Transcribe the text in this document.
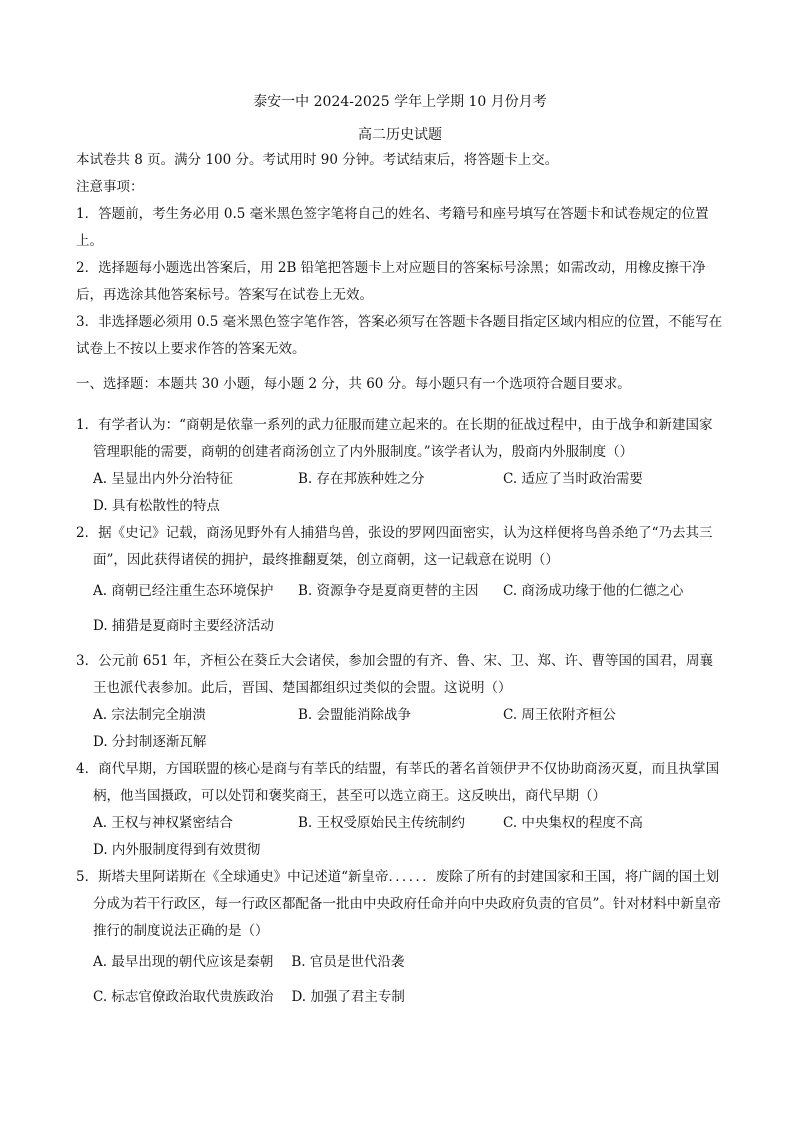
泰安一中 2024-2025 学年上学期 10 月份月考
高二历史试题

本试卷共 8 页。满分 100 分。考试用时 90 分钟。考试结束后，将答题卡上交。

注意事项：

1．答题前，考生务必用 0.5 毫米黑色签字笔将自己的姓名、考籍号和座号填写在答题卡和试卷规定的位置上。

2．选择题每小题选出答案后，用 2B 铅笔把答题卡上对应题目的答案标号涂黑；如需改动，用橡皮擦干净后，再选涂其他答案标号。答案写在试卷上无效。

3．非选择题必须用 0.5 毫米黑色签字笔作答，答案必须写在答题卡各题目指定区域内相应的位置，不能写在试卷上不按以上要求作答的答案无效。

一、选择题：本题共 30 小题，每小题 2 分，共 60 分。每小题只有一个选项符合题目要求。

1．有学者认为：“商朝是依靠一系列的武力征服而建立起来的。在长期的征战过程中，由于战争和新建国家管理职能的需要，商朝的创建者商汤创立了内外服制度。”该学者认为，殷商内外服制度（）
A. 呈显出内外分治特征	B. 存在邦族种姓之分	C. 适应了当时政治需要
D. 具有松散性的特点
2．据《史记》记载，商汤见野外有人捕猎鸟兽，张设的罗网四面密实，认为这样便将鸟兽杀绝了“乃去其三面”，因此获得诸侯的拥护，最终推翻夏桀，创立商朝，这一记载意在说明（）
A. 商朝已经注重生态环境保护	B. 资源争夺是夏商更替的主因	C. 商汤成功缘于他的仁德之心
D. 捕猎是夏商时主要经济活动
3．公元前 651 年，齐桓公在葵丘大会诸侯，参加会盟的有齐、鲁、宋、卫、郑、许、曹等国的国君，周襄王也派代表参加。此后，晋国、楚国都组织过类似的会盟。这说明（）
A. 宗法制完全崩溃	B. 会盟能消除战争	C. 周王依附齐桓公
D. 分封制逐渐瓦解
4．商代早期，方国联盟的核心是商与有莘氏的结盟，有莘氏的著名首领伊尹不仅协助商汤灭夏，而且执掌国柄，他当国摄政，可以处罚和褒奖商王，甚至可以选立商王。这反映出，商代早期（）
A. 王权与神权紧密结合	B. 王权受原始民主传统制约	C. 中央集权的程度不高
D. 内外服制度得到有效贯彻
5．斯塔夫里阿诺斯在《全球通史》中记述道“新皇帝．．．．．．废除了所有的封建国家和王国，将广阔的国土划分成为若干行政区，每一行政区都配备一批由中央政府任命并向中央政府负责的官员”。针对材料中新皇帝推行的制度说法正确的是（）
A. 最早出现的朝代应该是秦朝 B. 官员是世代沿袭
C. 标志官僚政治取代贵族政治 D. 加强了君主专制
